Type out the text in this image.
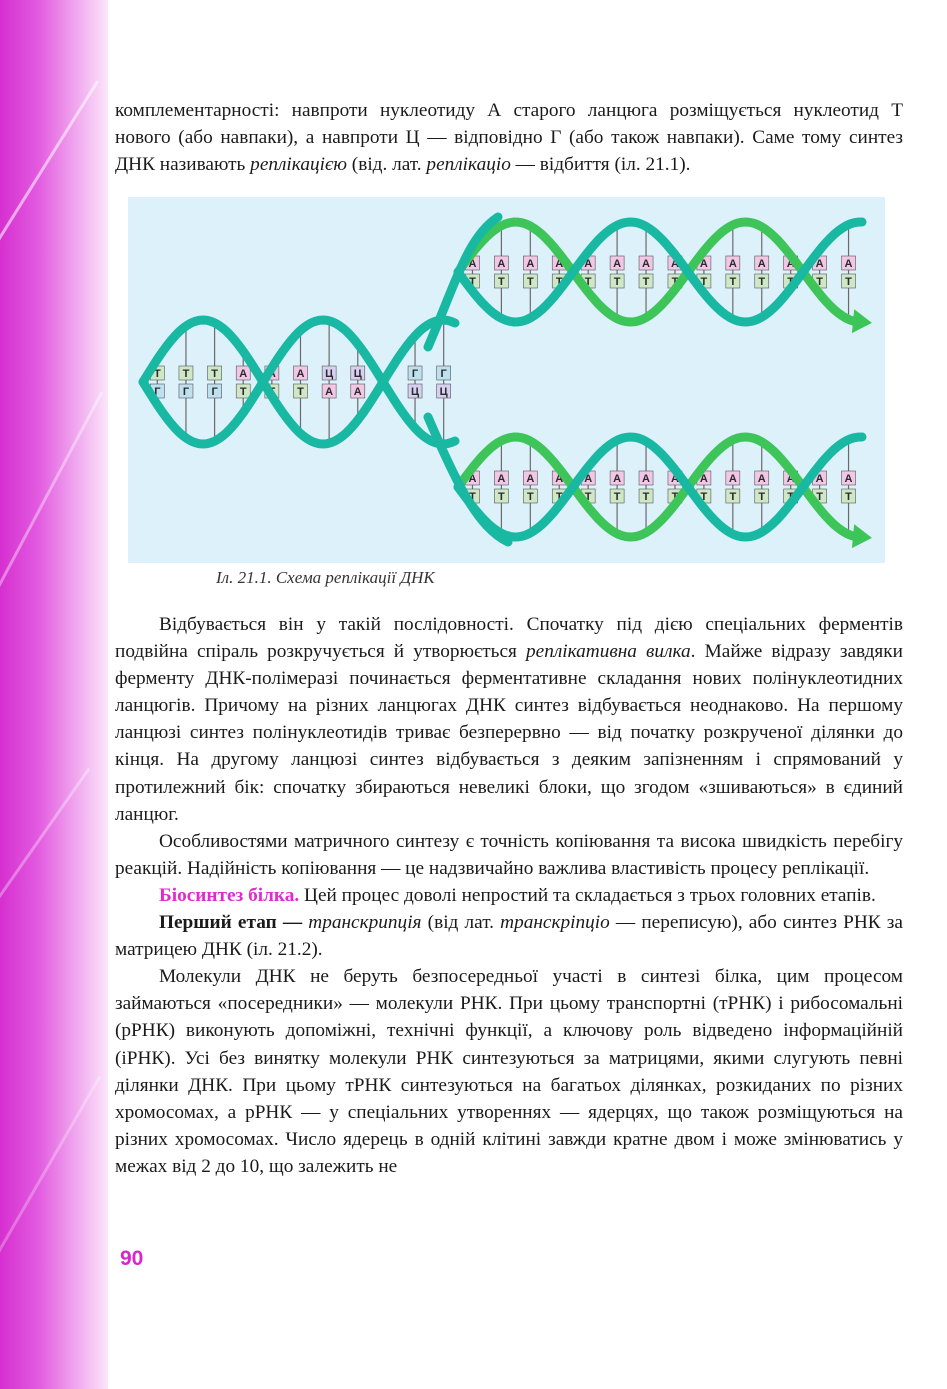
комплементарності: навпроти нуклеотиду А старого ланцюга розміщується нуклеотид Т нового (або навпаки), а навпроти Ц — відповідно Г (або також навпаки). Саме тому синтез ДНК називають реплікацією (від. лат. реплікаціо — відбиття (іл. 21.1).

Т
Г
Т
Г
Т
Г
А
Т
А
Т
А
Т
Ц
А
Ц
А
Г
Ц
Г
Ц
А
Т
А
Т
А
Т
А
Т
А
Т
А
Т
А
Т
А
Т
А
Т
А
Т
А
Т
А
Т
А
Т
А
Т
А
Т
А
Т
А
Т
А
Т
А
Т
А
Т
А
Т
А
Т
А
Т
А
Т
А
Т
А
Т
А
Т
А
Т
Іл. 21.1. Схема реплікації ДНК

Відбувається він у такій послідовності. Спочатку під дією спеціальних ферментів подвійна спіраль розкручується й утворюється реплікативна вилка. Майже відразу завдяки ферменту ДНК-полімеразі починається ферментативне складання нових полінуклеотидних ланцюгів. Причому на різних ланцюгах ДНК синтез відбувається неоднаково. На першому ланцюзі синтез полінуклеотидів триває безперервно — від початку розкрученої ділянки до кінця. На другому ланцюзі синтез відбувається з деяким запізненням і спрямований у протилежний бік: спочатку збираються невеликі блоки, що згодом «зшиваються» в єдиний ланцюг.

Особливостями матричного синтезу є точність копіювання та висока швидкість перебігу реакцій. Надійність копіювання — це надзвичайно важлива властивість процесу реплікації.

Біосинтез білка. Цей процес доволі непростий та складається з трьох головних етапів.

Перший етап — транскрипція (від лат. транскріпціо — переписую), або синтез РНК за матрицею ДНК (іл. 21.2).

Молекули ДНК не беруть безпосередньої участі в синтезі білка, цим процесом займаються «посередники» — молекули РНК. При цьому транспортні (тРНК) і рибосомальні (рРНК) виконують допоміжні, технічні функції, а ключову роль відведено інформаційній (іРНК). Усі без винятку молекули РНК синтезуються за матрицями, якими слугують певні ділянки ДНК. При цьому тРНК синтезуються на багатьох ділянках, розкиданих по різних хромосомах, а рРНК — у спеціальних утвореннях — ядерцях, що також розміщуються на різних хромосомах. Число ядерець в одній клітині завжди кратне двом і може змінюватись у межах від 2 до 10, що залежить не

90
